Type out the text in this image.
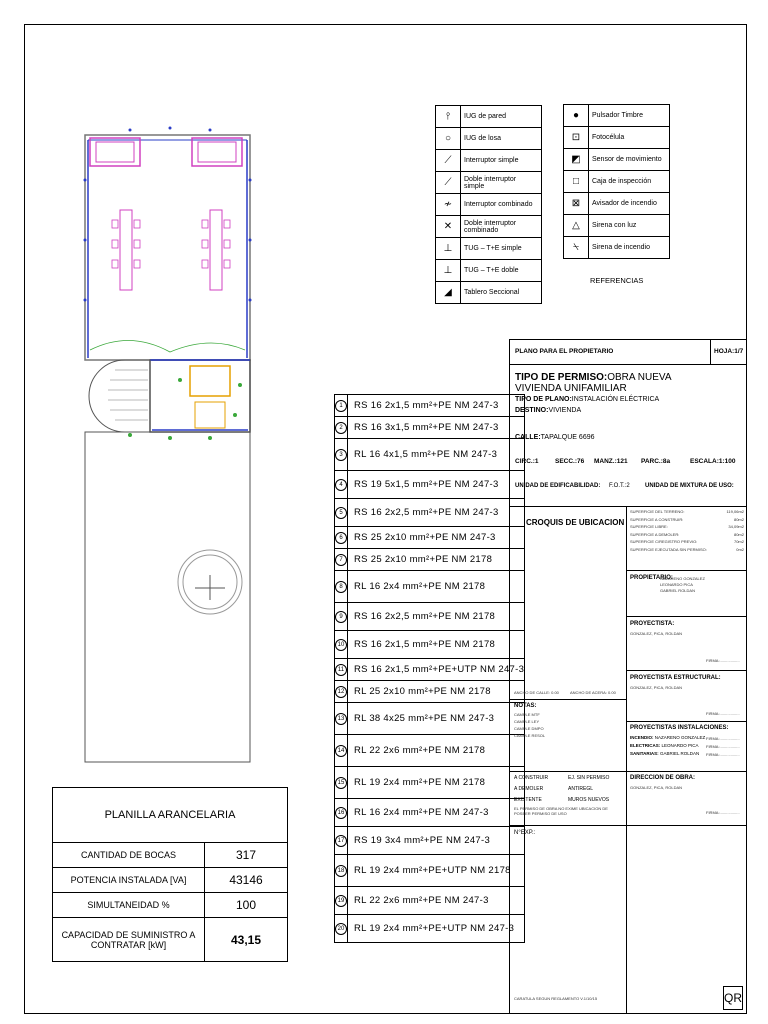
⫯	IUG de pared
○	IUG de losa
⟋	Interruptor simple
⟋	Doble interruptor simple
≁	Interruptor combinado
✕	Doble interruptor combinado
⊥	TUG – T+E simple
⊥	TUG – T+E doble
◢	Tablero Seccional
●	Pulsador Timbre
⊡	Fotocélula
◩	Sensor de movimiento
□	Caja de inspección
⊠	Avisador de incendio
△	Sirena con luz
⍀	Sirena de incendio
REFERENCIAS
1	RS 16 2x1,5 mm²+PE NM 247-3
2	RS 16 3x1,5 mm²+PE NM 247-3
3	RL 16 4x1,5 mm²+PE NM 247-3
4	RS 19 5x1,5 mm²+PE NM 247-3
5	RS 16 2x2,5 mm²+PE NM 247-3
6	RS 25 2x10 mm²+PE NM 247-3
7	RS 25 2x10 mm²+PE NM 2178
8	RL 16 2x4 mm²+PE NM 2178
9	RS 16 2x2,5 mm²+PE NM 2178
10	RS 16 2x1,5 mm²+PE NM 2178
11	RS 16 2x1,5 mm²+PE+UTP NM 247-3
12	RL 25 2x10 mm²+PE NM 2178
13	RL 38 4x25 mm²+PE NM 247-3
14	RL 22 2x6 mm²+PE NM 2178
15	RL 19 2x4 mm²+PE NM 2178
16	RL 16 2x4 mm²+PE NM 247-3
17	RS 19 3x4 mm²+PE NM 247-3
18	RL 19 2x4 mm²+PE+UTP NM 2178
19	RL 22 2x6 mm²+PE NM 247-3
20	RL 19 2x4 mm²+PE+UTP NM 247-3
PLANILLA ARANCELARIA	
CANTIDAD DE BOCAS	317
POTENCIA INSTALADA [VA]	43146
SIMULTANEIDAD %	100
CAPACIDAD DE SUMINISTRO A CONTRATAR [kW]	43,15
PLANO PARA EL PROPIETARIO	HOJA:1/7
TIPO DE PERMISO:OBRA NUEVA VIVIENDA UNIFAMILIAR
TIPO DE PLANO:INSTALACIÓN ELÉCTRICA
DESTINO:VIVIENDA
CALLE:TAPALQUE 6696
CIRC.:1	SECC.:76 MANZ.:121 PARC.:8a	ESCALA:1:100
UNIDAD DE EDIFICABILIDAD: F.O.T.:2	UNIDAD DE MIXTURA DE USO:
CROQUIS DE UBICACION
ANCHO DE CALLE: 0.00	ANCHO DE ACERA: 0.00
NOTAS:
CAMPLE MTF
CAMPLE LEY
CAMPLE DMPO
CAMPLE RESOL
A CONSTRUIR	EJ. SIN PERMISO
A DEMOLER	ANTIREGL
EXISTENTE	MUROS NUEVOS
EL PERMISO DE OBRA NO EXIME UBICACION DE POSEER PERMISO DE USO
N°EXP.:
CARATULA SEGUN REGLAMENTO V.1/10/15
SUPERFICIE DEL TERRENO:	119,06m2
SUPERFICIE A CONSTRUIR:	80m2
SUPERFICIE LIBRE:	34,09m2
SUPERFICIE A DEMOLER:	80m2
SUPERFICIE C/REGISTRO PREVIO:	70m2
SUPERFICIE EJECUTADA SIN PERMISO:	0m2
PROPIETARIO:
NAZARENO GONZALEZ
LEONARDO PICA
GABRIEL ROLDAN
PROYECTISTA:
GONZALEZ, PICA, ROLDAN
FIRMA:..................
PROYECTISTA ESTRUCTURAL:
GONZALEZ, PICA, ROLDAN
FIRMA:..................
PROYECTISTAS INSTALACIONES:
INCENDIO: NAZARENO GONZALEZ
ELECTRICAS: LEONARDO PICA
SANITARIAS: GABRIEL ROLDAN
FIRMA:..................
FIRMA:..................
FIRMA:..................
DIRECCION DE OBRA:
GONZALEZ, PICA, ROLDAN
FIRMA:..................
QR
